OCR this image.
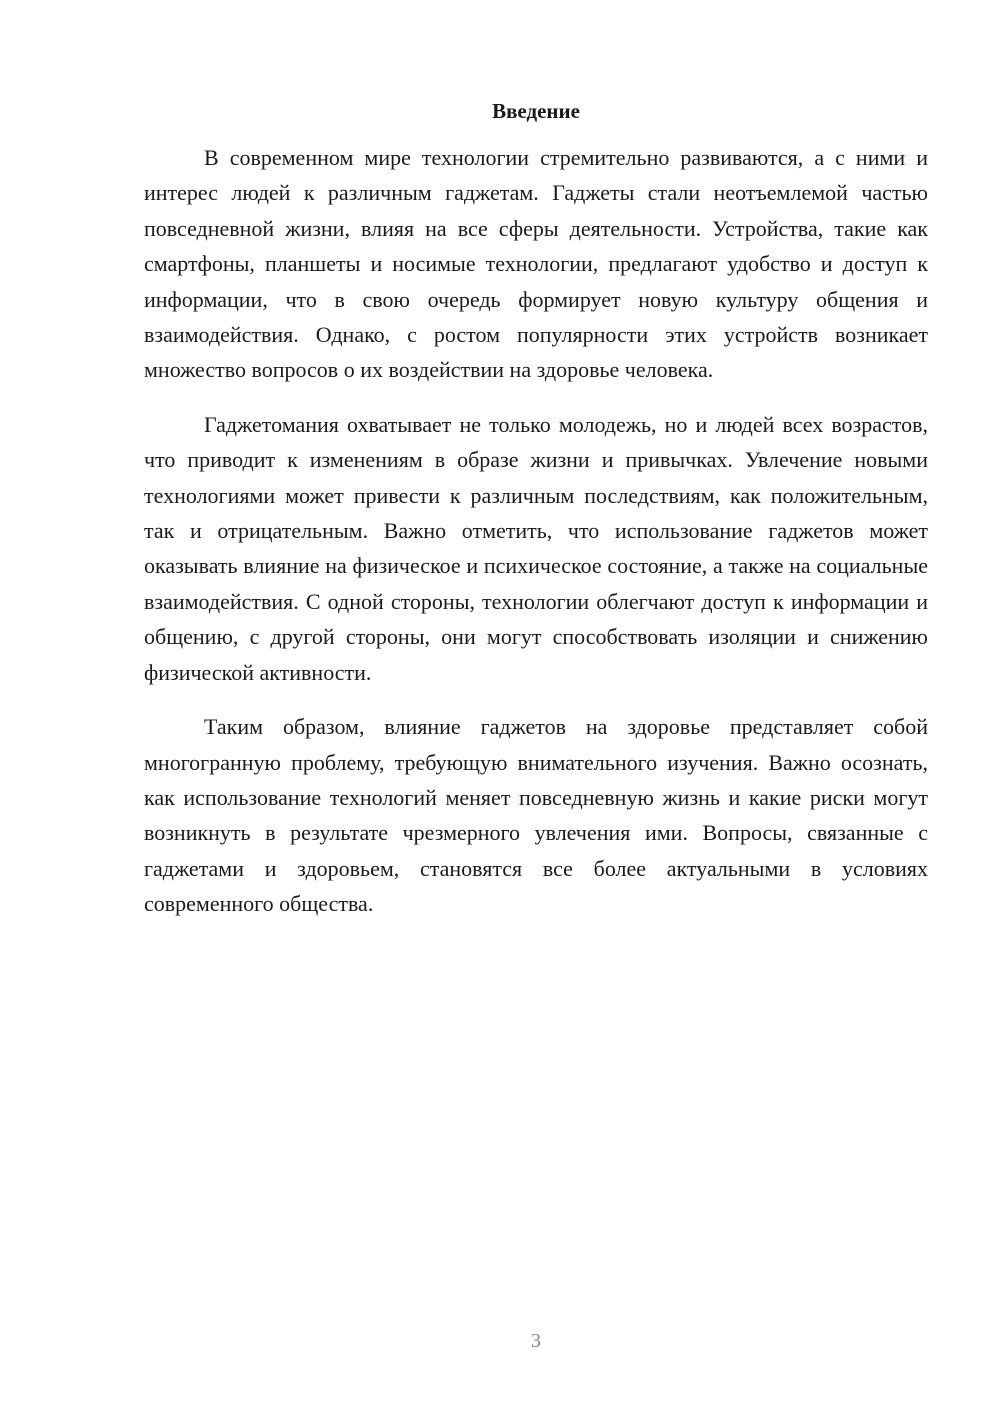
Введение

В современном мире технологии стремительно развиваются, а с ними и интерес людей к различным гаджетам. Гаджеты стали неотъемлемой частью повседневной жизни, влияя на все сферы деятельности. Устройства, такие как смартфоны, планшеты и носимые технологии, предлагают удобство и доступ к информации, что в свою очередь формирует новую культуру общения и взаимодействия. Однако, с ростом популярности этих устройств возникает множество вопросов о их воздействии на здоровье человека.

Гаджетомания охватывает не только молодежь, но и людей всех возрастов, что приводит к изменениям в образе жизни и привычках. Увлечение новыми технологиями может привести к различным последствиям, как положительным, так и отрицательным. Важно отметить, что использование гаджетов может оказывать влияние на физическое и психическое состояние, а также на социальные взаимодействия. С одной стороны, технологии облегчают доступ к информации и общению, с другой стороны, они могут способствовать изоляции и снижению физической активности.

Таким образом, влияние гаджетов на здоровье представляет собой многогранную проблему, требующую внимательного изучения. Важно осознать, как использование технологий меняет повседневную жизнь и какие риски могут возникнуть в результате чрезмерного увлечения ими. Вопросы, связанные с гаджетами и здоровьем, становятся все более актуальными в условиях современного общества.

3
